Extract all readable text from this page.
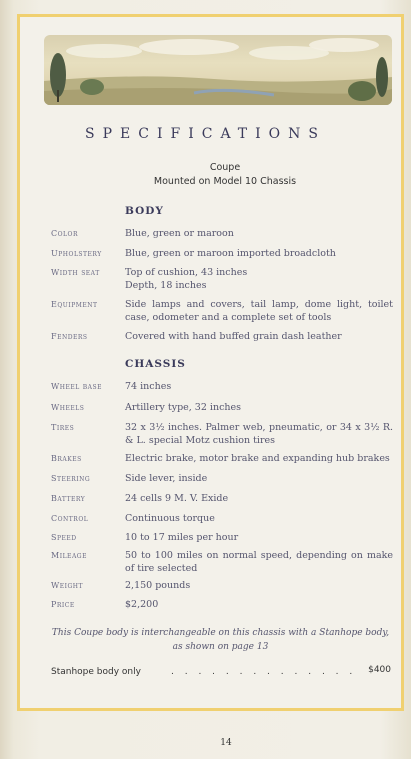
SPECIFICATIONS
Coupe
Mounted on Model 10 Chassis
BODY
Color	Blue, green or maroon
Upholstery Blue, green or maroon imported broadcloth
Width seat	Top of cushion, 43 inches
Depth, 18 inches
Equipment	Side lamps and covers, tail lamp, dome light, toilet case, odometer and a complete set of tools
Fenders	Covered with hand buffed grain dash leather
CHASSIS
Wheel base 74 inches
Wheels	Artillery type, 32 inches
Tires	32 x 3½ inches. Palmer web, pneumatic, or 34 x 3½ R. & L. special Motz cushion tires
Brakes	Electric brake, motor brake and expanding hub brakes
Steering	Side lever, inside
Battery	24 cells 9 M. V. Exide
Control	Continuous torque
Speed	10 to 17 miles per hour
Mileage	50 to 100 miles on normal speed, depending on make of tire selected
Weight	2,150 pounds
Price	$2,200
This Coupe body is interchangeable on this chassis with a Stanhope body, as shown on page 13
Stanhope body only	. . . . . . . . . . . . . . $400
14
